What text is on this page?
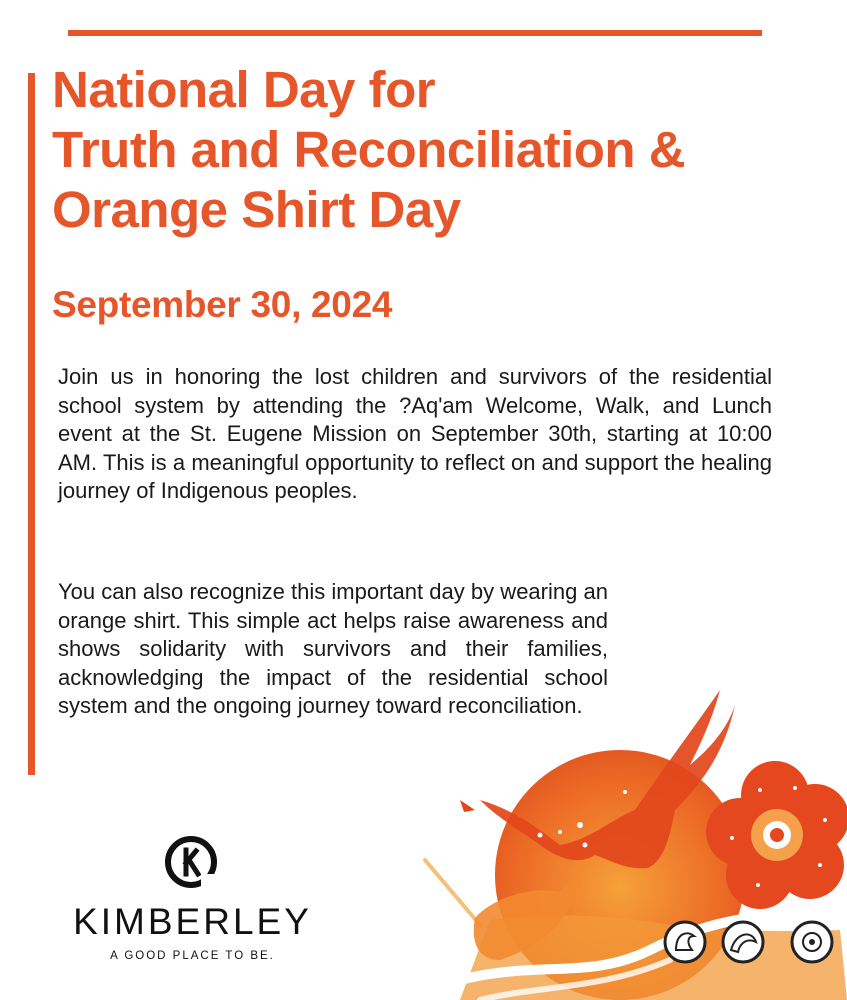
National Day for
Truth and Reconciliation &
Orange Shirt Day
September 30, 2024

Join us in honoring the lost children and survivors of the residential school system by attending the ?Aq'am Welcome, Walk, and Lunch event at the St. Eugene Mission on September 30th, starting at 10:00 AM. This is a meaningful opportunity to reflect on and support the healing journey of Indigenous peoples.

You can also recognize this important day by wearing an orange shirt. This simple act helps raise awareness and shows solidarity with survivors and their families, acknowledging the impact of the residential school system and the ongoing journey toward reconciliation.

KIMBERLEY
A GOOD PLACE TO BE.
